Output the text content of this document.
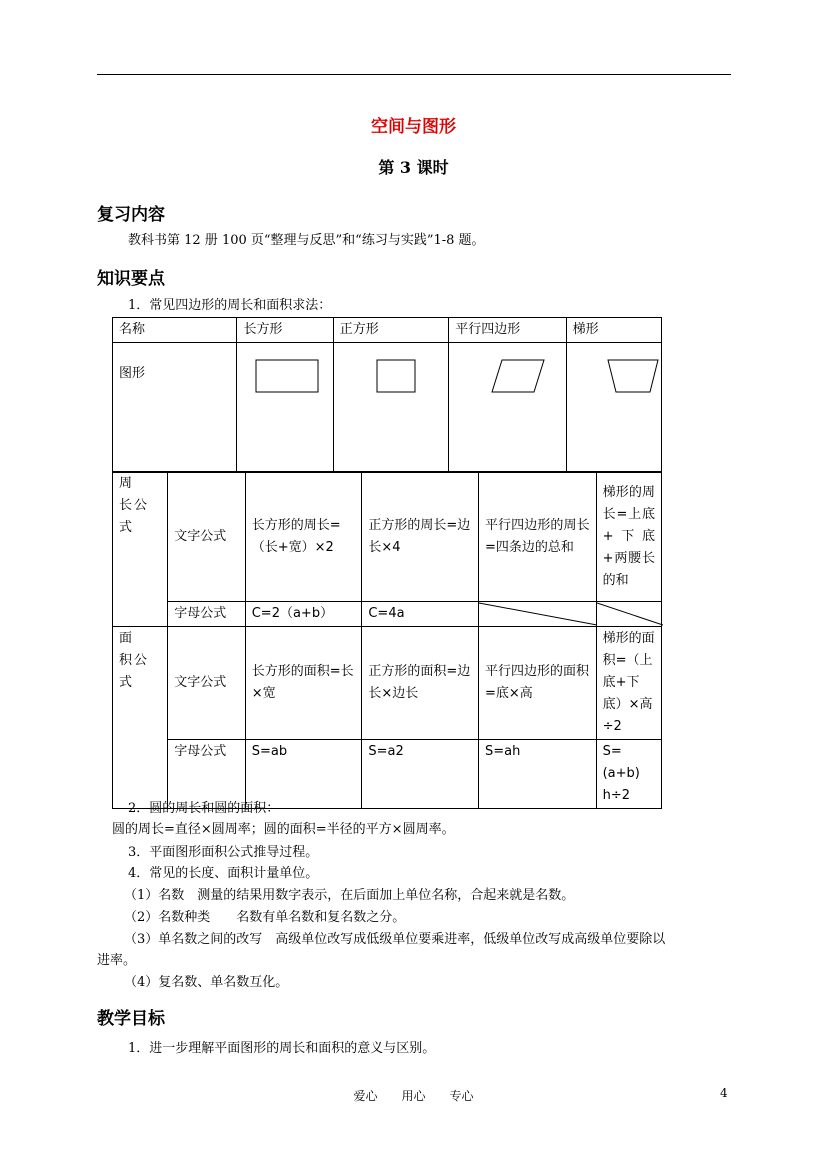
空间与图形
第 3 课时
复习内容
教科书第 12 册 100 页“整理与反思”和“练习与实践”1-8 题。
知识要点
1．常见四边形的周长和面积求法：
名称	长方形	正方形	平行四边形	梯形
图形	

周　长公式	文字公式	长方形的周长=（长+宽）×2	正方形的周长=边长×4	平行四边形的周长=四条边的总和	梯形的周长=上底+下底+两腰长的和
	字母公式	C=2（a+b）	C=4a	

面　积公式	文字公式	长方形的面积=长×宽	正方形的面积=边长×边长	平行四边形的面积=底×高	梯形的面积=（上底+下底）×高÷2
	字母公式	S=ab	S=a2	S=ah	S=(a+b) h÷2
2．圆的周长和圆的面积：
圆的周长=直径×圆周率；圆的面积=半径的平方×圆周率。
3．平面图形面积公式推导过程。
4．常见的长度、面积计量单位。
（1）名数　测量的结果用数字表示，在后面加上单位名称，合起来就是名数。
（2）名数种类　　名数有单名数和复名数之分。
（3）单名数之间的改写　高级单位改写成低级单位要乘进率，低级单位改写成高级单位要除以
进率。
（4）复名数、单名数互化。
教学目标
1．进一步理解平面图形的周长和面积的意义与区别。
爱心　　用心　　专心	4
